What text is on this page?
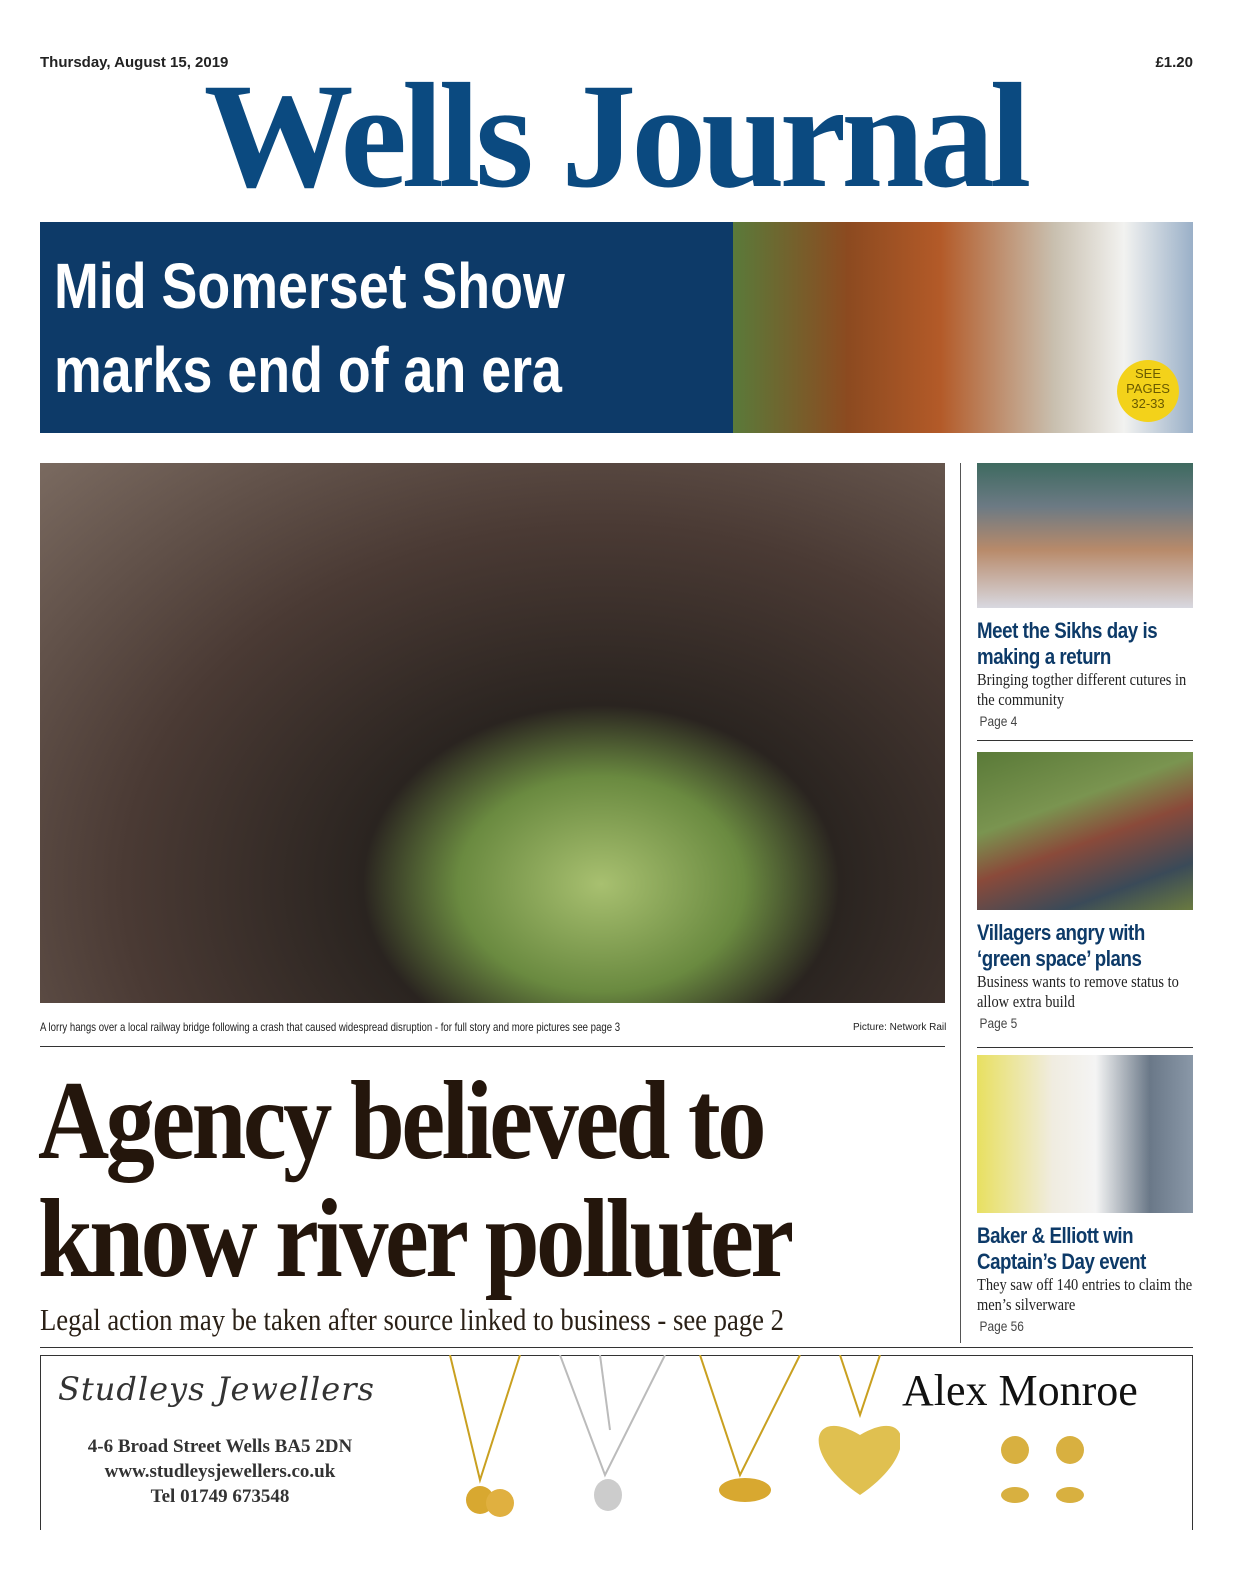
Thursday, August 15, 2019	£1.20
Wells Journal
Mid Somerset Show
marks end of an era	SEE PAGES 32-33
A lorry hangs over a local railway bridge following a crash that caused widespread disruption - for full story and more pictures see page 3	Picture: Network Rail
Agency believed to
know river polluter
Legal action may be taken after source linked to business - see page 2
Meet the Sikhs day is making a return
Bringing togther different cutures in the community
Page 4
Villagers angry with ‘green space’ plans
Business wants to remove status to allow extra build
Page 5
Baker & Elliott win Captain’s Day event
They saw off 140 entries to claim the men’s silverware
Page 56
Studleys Jewellers
4-6 Broad Street Wells BA5 2DN
www.studleysjewellers.co.uk
Tel 01749 673548
Alex Monroe
